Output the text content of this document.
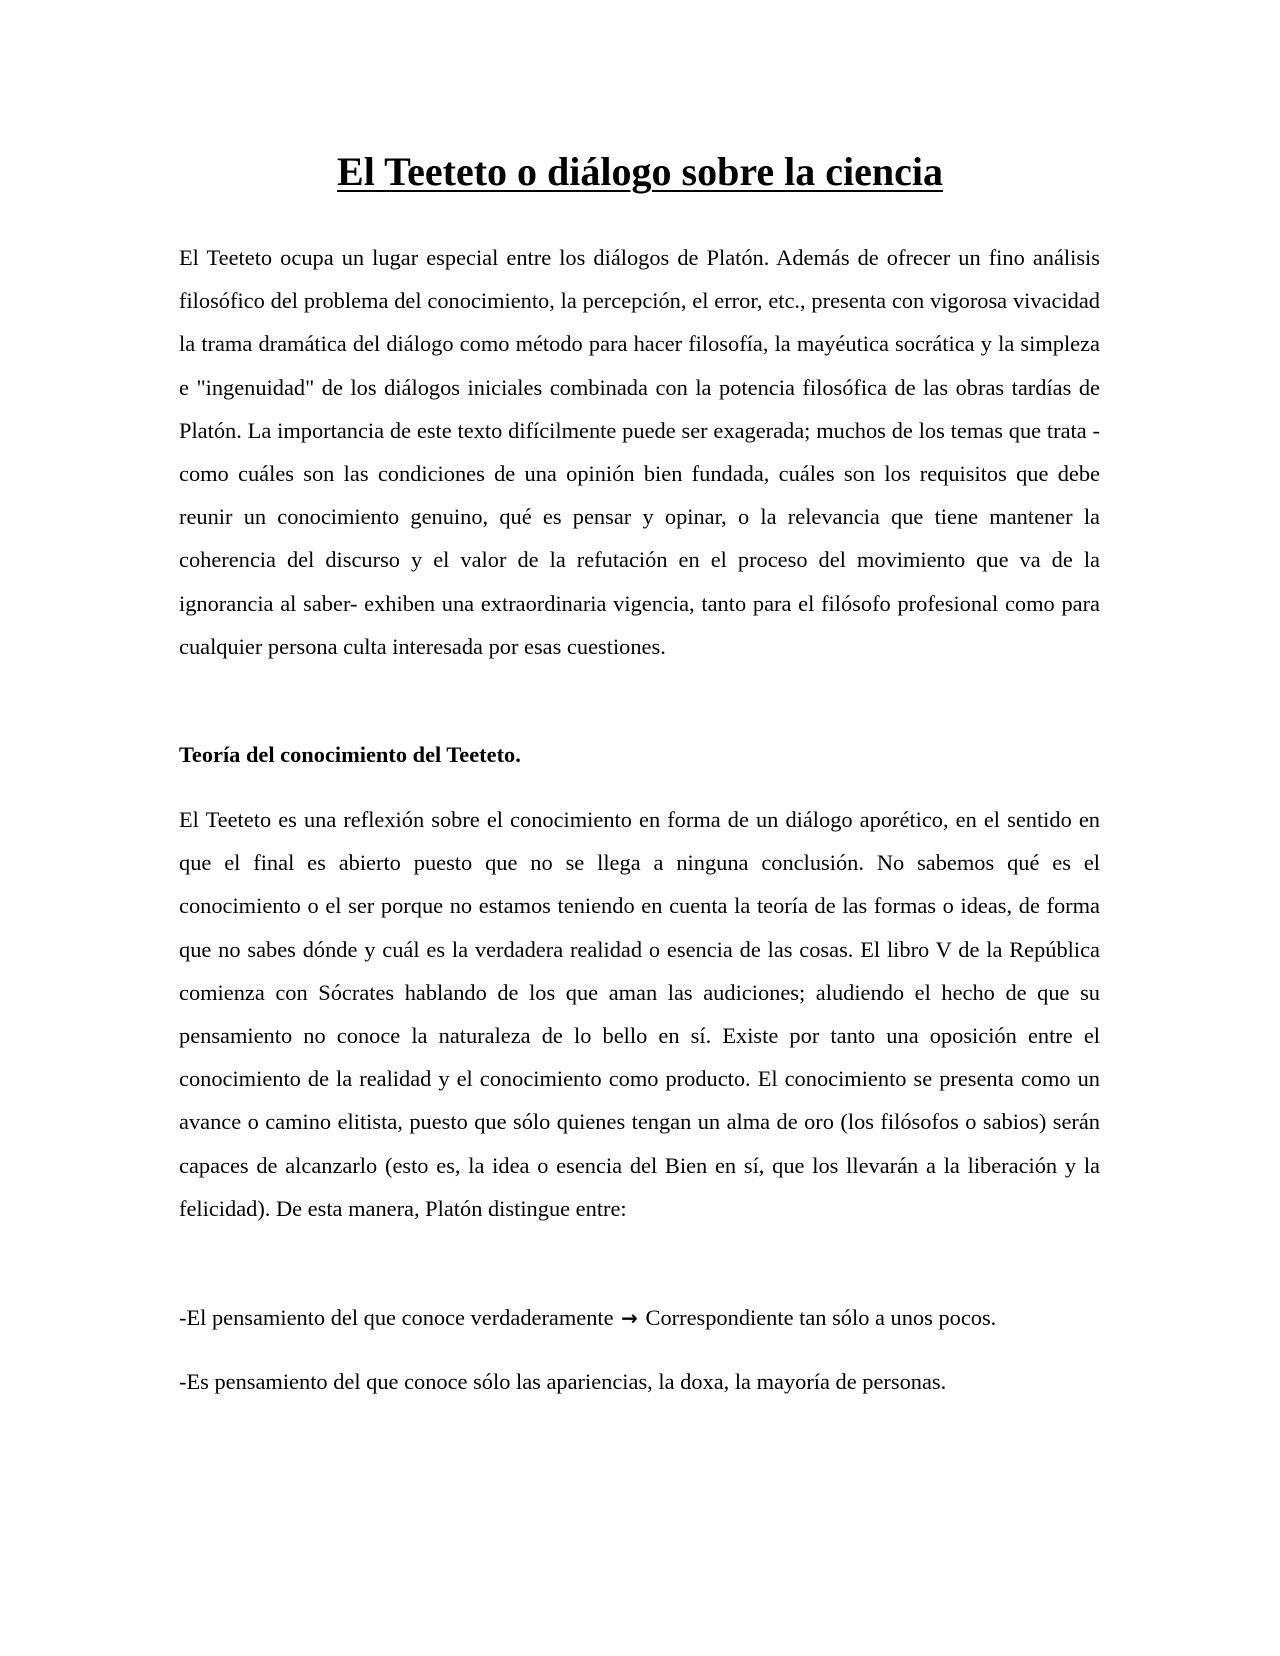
El Teeteto o diálogo sobre la ciencia

El Teeteto ocupa un lugar especial entre los diálogos de Platón. Además de ofrecer un fino análisis filosófico del problema del conocimiento, la percepción, el error, etc., presenta con vigorosa vivacidad la trama dramática del diálogo como método para hacer filosofía, la mayéutica socrática y la simpleza e "ingenuidad" de los diálogos iniciales combinada con la potencia filosófica de las obras tardías de Platón. La importancia de este texto difícilmente puede ser exagerada; muchos de los temas que trata -como cuáles son las condiciones de una opinión bien fundada, cuáles son los requisitos que debe reunir un conocimiento genuino, qué es pensar y opinar, o la relevancia que tiene mantener la coherencia del discurso y el valor de la refutación en el proceso del movimiento que va de la ignorancia al saber- exhiben una extraordinaria vigencia, tanto para el filósofo profesional como para cualquier persona culta interesada por esas cuestiones.

Teoría del conocimiento del Teeteto.

El Teeteto es una reflexión sobre el conocimiento en forma de un diálogo aporético, en el sentido en que el final es abierto puesto que no se llega a ninguna conclusión. No sabemos qué es el conocimiento o el ser porque no estamos teniendo en cuenta la teoría de las formas o ideas, de forma que no sabes dónde y cuál es la verdadera realidad o esencia de las cosas. El libro V de la República comienza con Sócrates hablando de los que aman las audiciones; aludiendo el hecho de que su pensamiento no conoce la naturaleza de lo bello en sí. Existe por tanto una oposición entre el conocimiento de la realidad y el conocimiento como producto. El conocimiento se presenta como un avance o camino elitista, puesto que sólo quienes tengan un alma de oro (los filósofos o sabios) serán capaces de alcanzarlo (esto es, la idea o esencia del Bien en sí, que los llevarán a la liberación y la felicidad). De esta manera, Platón distingue entre:

-El pensamiento del que conoce verdaderamente → Correspondiente tan sólo a unos pocos.

-Es pensamiento del que conoce sólo las apariencias, la doxa, la mayoría de personas.
